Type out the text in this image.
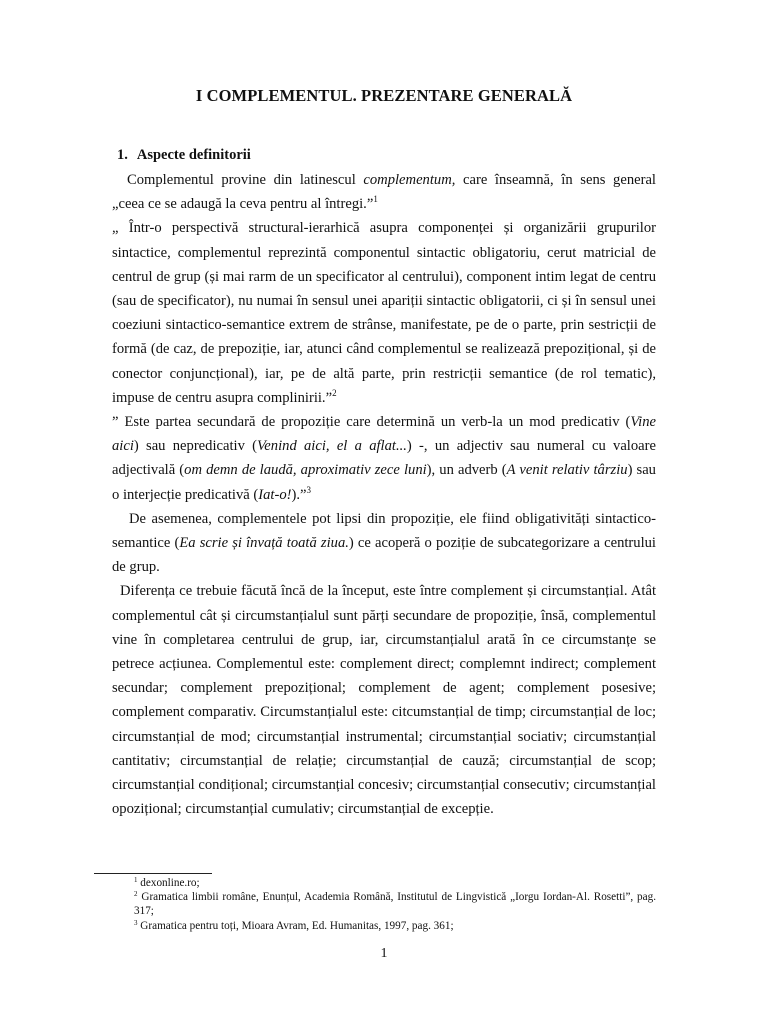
I COMPLEMENTUL. PREZENTARE GENERALĂ
1. Aspecte definitorii

Complementul provine din latinescul complementum, care înseamnă, în sens general „ceea ce se adaugă la ceva pentru al întregi.”$^1$

„ Într-o perspectivă structural-ierarhică asupra componenței și organizării grupurilor sintactice, complementul reprezintă componentul sintactic obligatoriu, cerut matricial de centrul de grup (și mai rarm de un specificator al centrului), component intim legat de centru (sau de specificator), nu numai în sensul unei apariții sintactic obligatorii, ci și în sensul unei coeziuni sintactico-semantice extrem de strânse, manifestate, pe de o parte, prin sestricții de formă (de caz, de prepoziție, iar, atunci când complementul se realizează prepozițional, și de conector conjuncțional), iar, pe de altă parte, prin restricții semantice (de rol tematic), impuse de centru asupra complinirii.”$^2$

” Este partea secundară de propoziție care determină un verb-la un mod predicativ (Vine aici) sau nepredicativ (Venind aici, el a aflat...) -, un adjectiv sau numeral cu valoare adjectivală (om demn de laudă, aproximativ zece luni), un adverb (A venit relativ târziu) sau o interjecție predicativă (Iat-o!).”$^3$

De asemenea, complementele pot lipsi din propoziție, ele fiind obligativități sintactico-semantice (Ea scrie și învață toată ziua.) ce acoperă o poziție de subcategorizare a centrului de grup.

Diferența ce trebuie făcută încă de la început, este între complement și circumstanțial. Atât complementul cât și circumstanțialul sunt părți secundare de propoziție, însă, complementul vine în completarea centrului de grup, iar, circumstanțialul arată în ce circumstanțe se petrece acțiunea. Complementul este: complement direct; complemnt indirect; complement secundar; complement prepozițional; complement de agent; complement posesive; complement comparativ. Circumstanțialul este: citcumstanțial de timp; circumstanțial de loc; circumstanțial de mod; circumstanțial instrumental; circumstanțial sociativ; circumstanțial cantitativ; circumstanțial de relație; circumstanțial de cauză; circumstanțial de scop; circumstanțial condițional; circumstanțial concesiv; circumstanțial consecutiv; circumstanțial opozițional; circumstanțial cumulativ; circumstanțial de excepție.

$^1$ dexonline.ro;

$^2$ Gramatica limbii române, Enunțul, Academia Română, Institutul de Lingvistică „Iorgu Iordan-Al. Rosetti”, pag. 317;

$^3$ Gramatica pentru toți, Mioara Avram, Ed. Humanitas, 1997, pag. 361;

1
